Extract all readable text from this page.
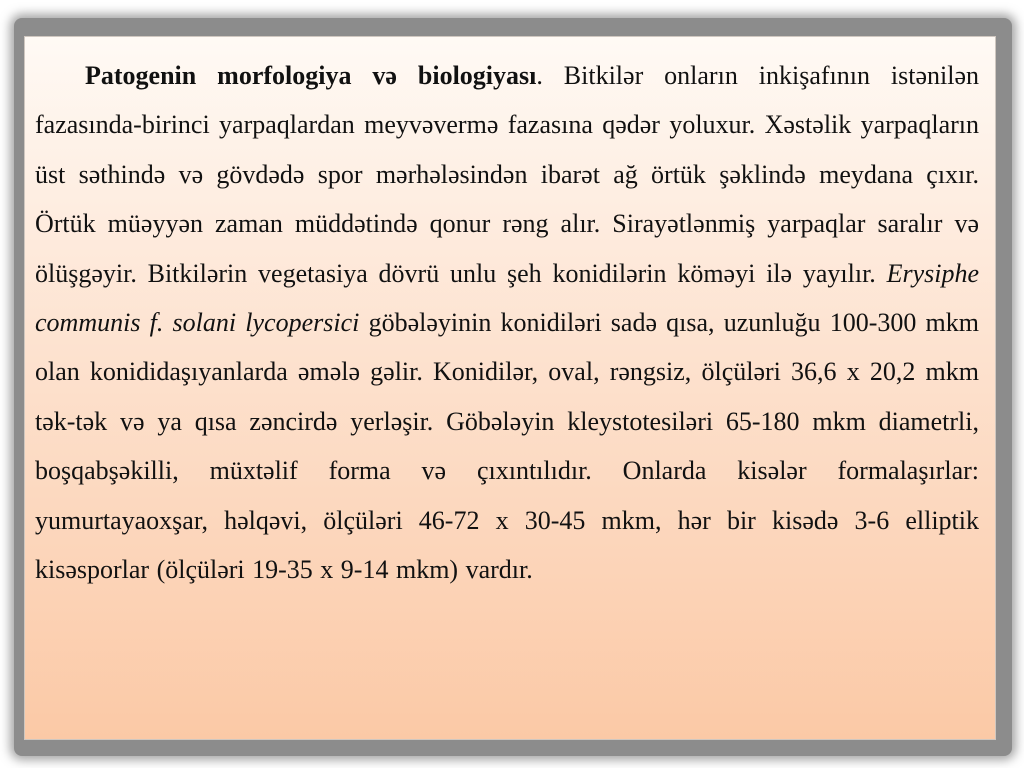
Patogenin morfologiya və biologiyası. Bitkilər onların inkişafının istənilən fazasında-birinci yarpaqlardan meyvəvermə fazasına qədər yoluxur. Xəstəlik yarpaqların üst səthində və gövdədə spor mərhələsindən ibarət ağ örtük şəklində meydana çıxır. Örtük müəyyən zaman müddətində qonur rəng alır. Sirayətlənmiş yarpaqlar saralır və ölüşgəyir. Bitkilərin vegetasiya dövrü unlu şeh konidilərin köməyi ilə yayılır. Erysiphe communis f. solani lycopersici göbələyinin konidiləri sadə qısa, uzunluğu 100-300 mkm olan konididaşıyanlarda əmələ gəlir. Konidilər, oval, rəngsiz, ölçüləri 36,6 x 20,2 mkm tək-tək və ya qısa zəncirdə yerləşir. Göbələyin kleystotesiləri 65-180 mkm diametrli, boşqabşəkilli, müxtəlif forma və çıxıntılıdır. Onlarda kisələr formalaşırlar: yumurtayaoxşar, həlqəvi, ölçüləri 46-72 x 30-45 mkm, hər bir kisədə 3-6 elliptik kisəsporlar (ölçüləri 19-35 x 9-14 mkm) vardır.
